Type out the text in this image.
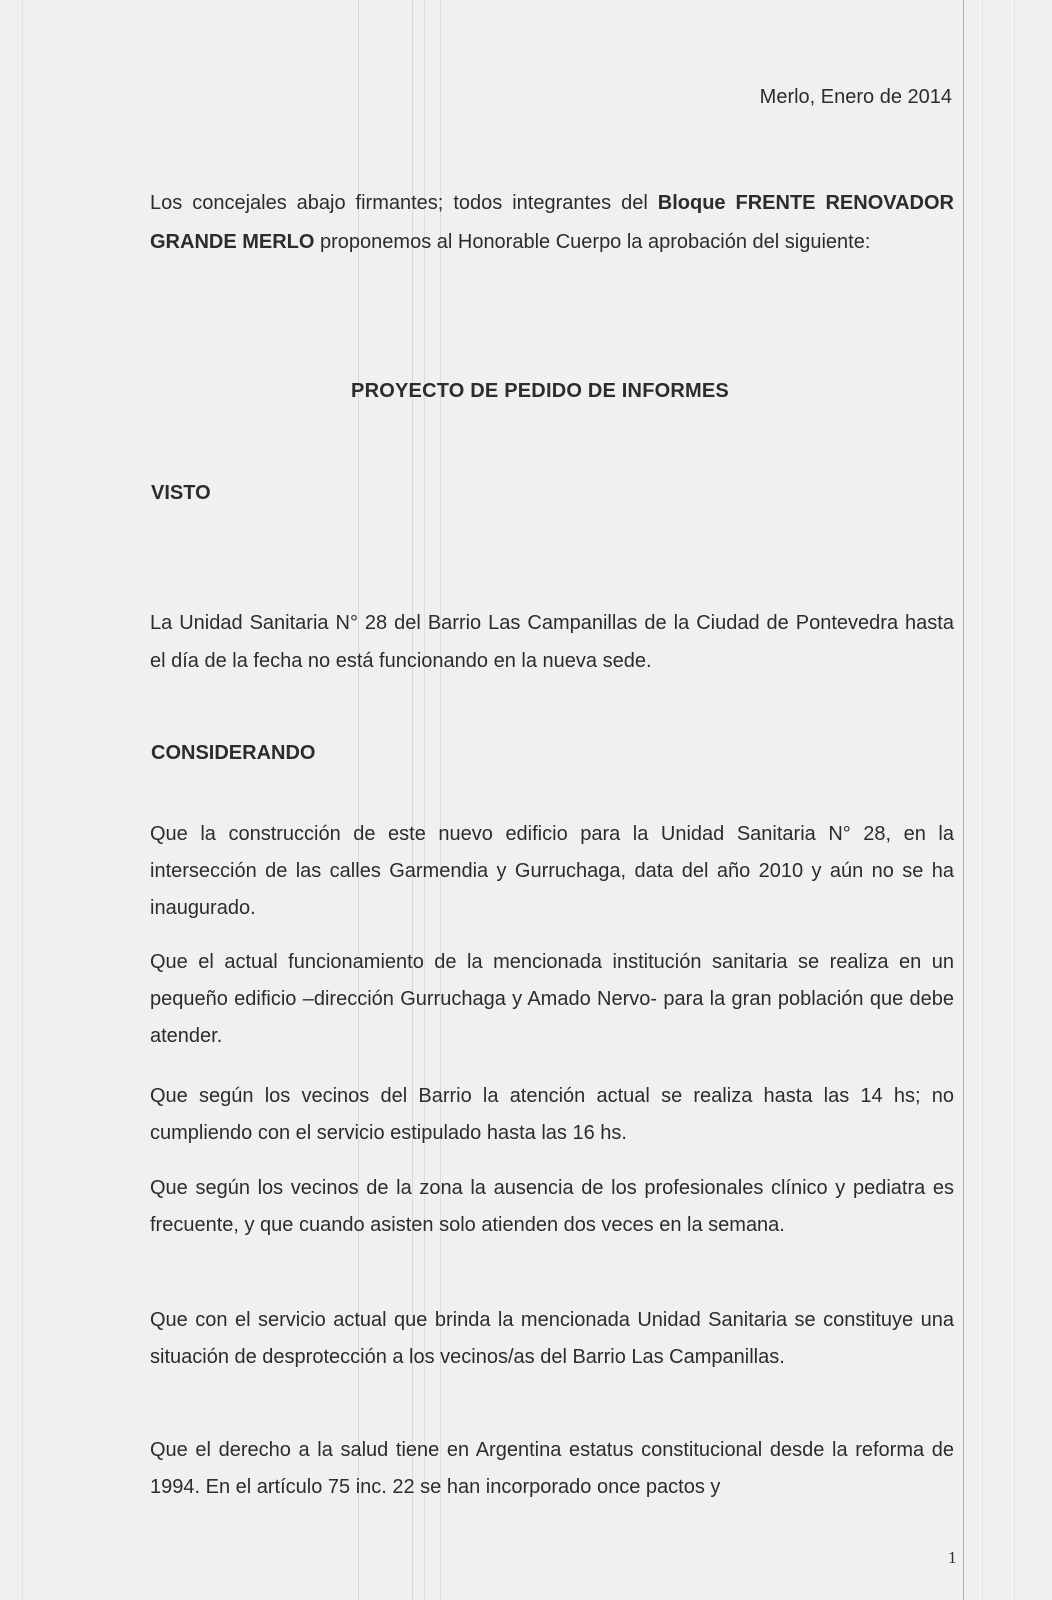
Merlo, Enero de 2014
Los concejales abajo firmantes; todos integrantes del Bloque FRENTE RENOVADOR GRANDE MERLO proponemos al Honorable Cuerpo la aprobación del siguiente:
PROYECTO DE PEDIDO DE INFORMES
VISTO
La Unidad Sanitaria N° 28 del Barrio Las Campanillas de la Ciudad de Pontevedra hasta el día de la fecha no está funcionando en la nueva sede.
CONSIDERANDO
Que la construcción de este nuevo edificio para la Unidad Sanitaria N° 28, en la intersección de las calles Garmendia y Gurruchaga, data del año 2010 y aún no se ha inaugurado.
Que el actual funcionamiento de la mencionada institución sanitaria se realiza en un pequeño edificio –dirección Gurruchaga y Amado Nervo- para la gran población que debe atender.
Que según los vecinos del Barrio la atención actual se realiza hasta las 14 hs; no cumpliendo con el servicio estipulado hasta las 16 hs.
Que según los vecinos de la zona la ausencia de los profesionales clínico y pediatra es frecuente, y que cuando asisten solo atienden dos veces en la semana.
Que con el servicio actual que brinda la mencionada Unidad Sanitaria se constituye una situación de desprotección a los vecinos/as del Barrio Las Campanillas.
Que el derecho a la salud tiene en Argentina estatus constitucional desde la reforma de 1994. En el artículo 75 inc. 22 se han incorporado once pactos y
1
